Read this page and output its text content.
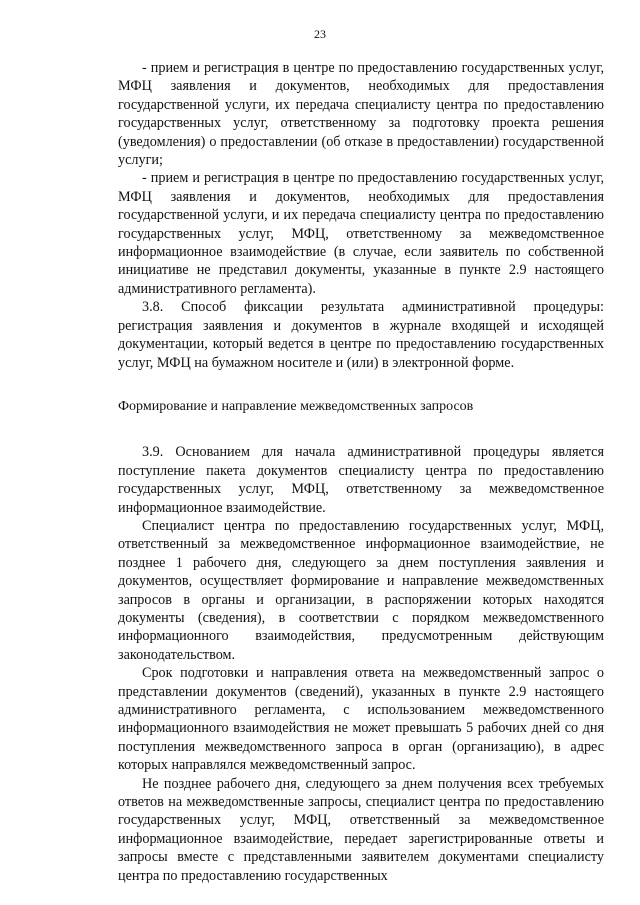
23

- прием и регистрация в центре по предоставлению государственных услуг, МФЦ заявления и документов, необходимых для предоставления государственной услуги, их передача специалисту центра по предоставлению государственных услуг, ответственному за подготовку проекта решения (уведомления) о предоставлении (об отказе в предоставлении) государственной услуги;

- прием и регистрация в центре по предоставлению государственных услуг, МФЦ заявления и документов, необходимых для предоставления государственной услуги, и их передача специалисту центра по предоставлению государственных услуг, МФЦ, ответственному за межведомственное информационное взаимодействие (в случае, если заявитель по собственной инициативе не представил документы, указанные в пункте 2.9 настоящего административного регламента).

3.8. Способ фиксации результата административной процедуры: регистрация заявления и документов в журнале входящей и исходящей документации, который ведется в центре по предоставлению государственных услуг, МФЦ на бумажном носителе и (или) в электронной форме.

Формирование и направление межведомственных запросов

3.9. Основанием для начала административной процедуры является поступление пакета документов специалисту центра по предоставлению государственных услуг, МФЦ, ответственному за межведомственное информационное взаимодействие.

Специалист центра по предоставлению государственных услуг, МФЦ, ответственный за межведомственное информационное взаимодействие, не позднее 1 рабочего дня, следующего за днем поступления заявления и документов, осуществляет формирование и направление межведомственных запросов в органы и организации, в распоряжении которых находятся документы (сведения), в соответствии с порядком межведомственного информационного взаимодействия, предусмотренным действующим законодательством.

Срок подготовки и направления ответа на межведомственный запрос о представлении документов (сведений), указанных в пункте 2.9 настоящего административного регламента, с использованием межведомственного информационного взаимодействия не может превышать 5 рабочих дней со дня поступления межведомственного запроса в орган (организацию), в адрес которых направлялся межведомственный запрос.

Не позднее рабочего дня, следующего за днем получения всех требуемых ответов на межведомственные запросы, специалист центра по предоставлению государственных услуг, МФЦ, ответственный за межведомственное информационное взаимодействие, передает зарегистрированные ответы и запросы вместе с представленными заявителем документами специалисту центра по предоставлению государственных
